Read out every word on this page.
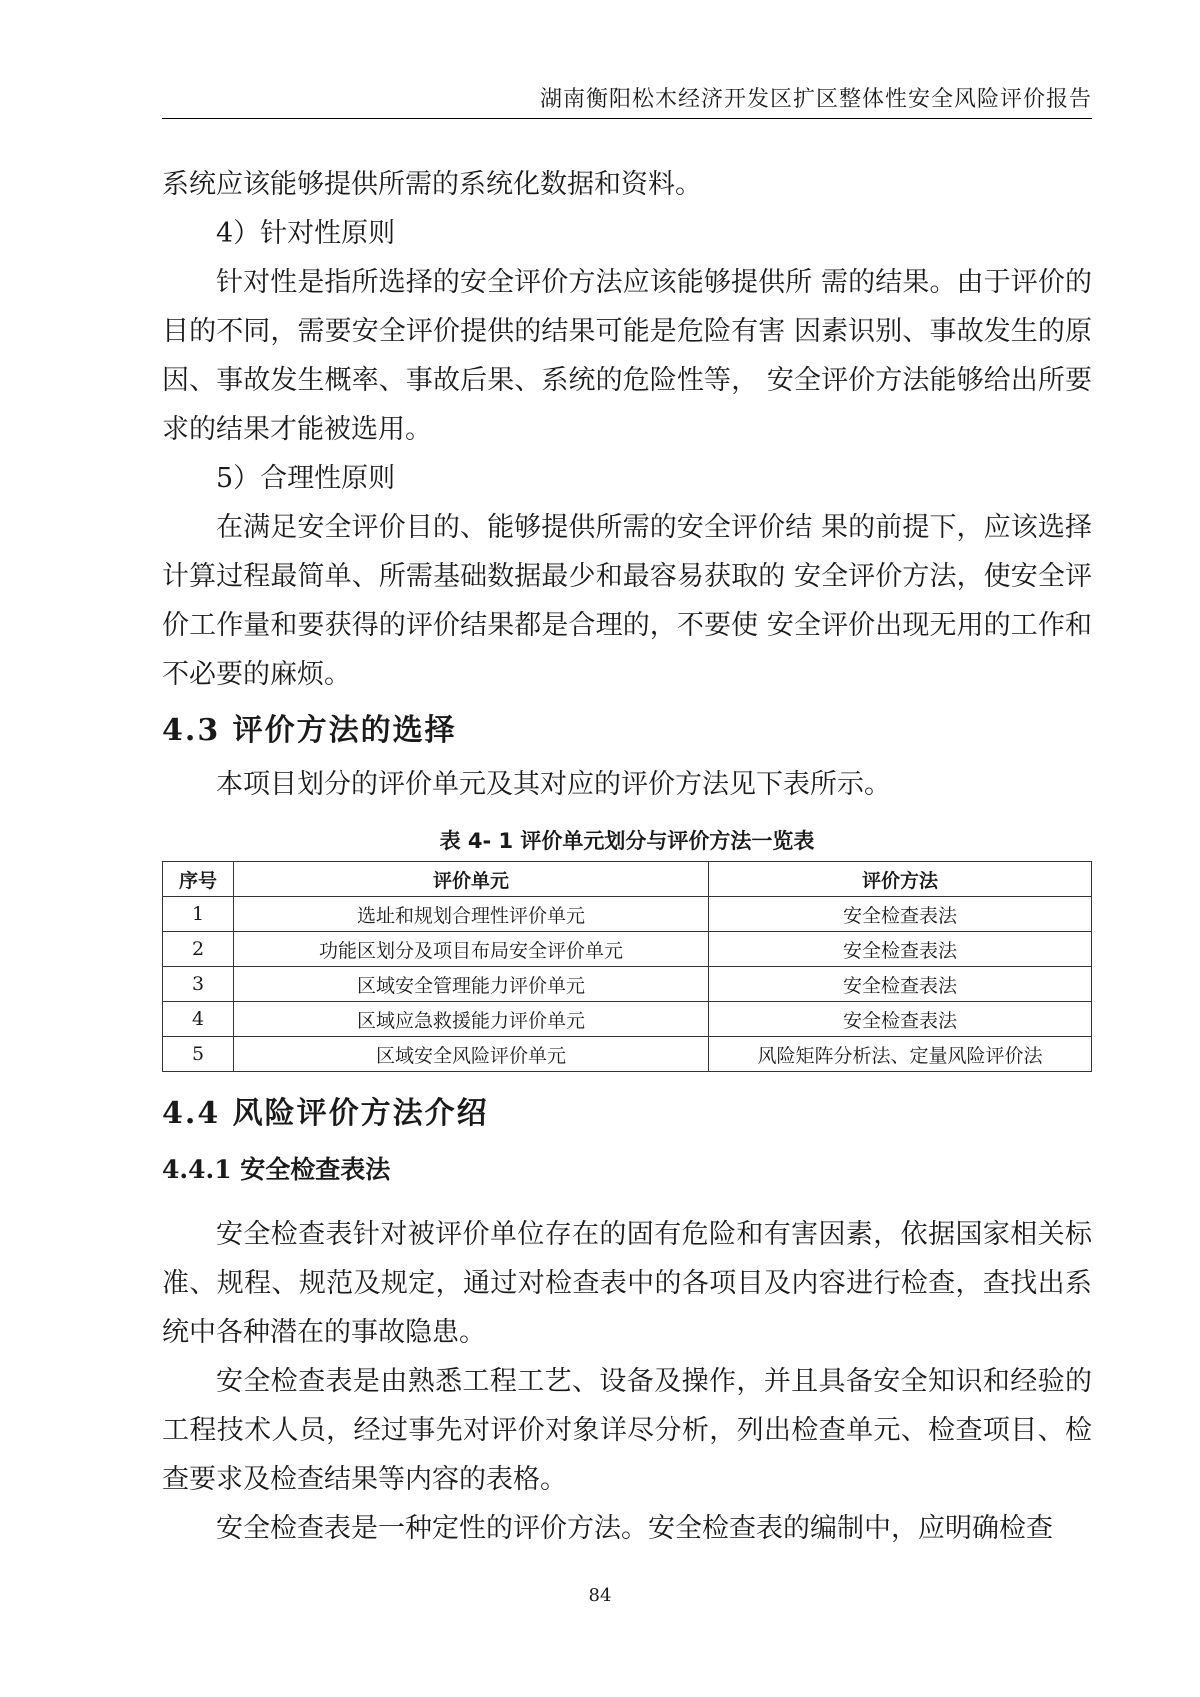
湖南衡阳松木经济开发区扩区整体性安全风险评价报告

系统应该能够提供所需的系统化数据和资料。

4）针对性原则

针对性是指所选择的安全评价方法应该能够提供所 需的结果。由于评价的目的不同，需要安全评价提供的结果可能是危险有害 因素识别、事故发生的原因、事故发生概率、事故后果、系统的危险性等， 安全评价方法能够给出所要求的结果才能被选用。

5）合理性原则

在满足安全评价目的、能够提供所需的安全评价结 果的前提下，应该选择计算过程最简单、所需基础数据最少和最容易获取的 安全评价方法，使安全评价工作量和要获得的评价结果都是合理的，不要使 安全评价出现无用的工作和不必要的麻烦。

4.3 评价方法的选择

本项目划分的评价单元及其对应的评价方法见下表所示。

表 4- 1 评价单元划分与评价方法一览表
序号	评价单元	评价方法
1	选址和规划合理性评价单元	安全检查表法
2	功能区划分及项目布局安全评价单元	安全检查表法
3	区域安全管理能力评价单元	安全检查表法
4	区域应急救援能力评价单元	安全检查表法
5	区域安全风险评价单元	风险矩阵分析法、定量风险评价法
4.4 风险评价方法介绍
4.4.1 安全检查表法

安全检查表针对被评价单位存在的固有危险和有害因素，依据国家相关标准、规程、规范及规定，通过对检查表中的各项目及内容进行检查，查找出系统中各种潜在的事故隐患。

安全检查表是由熟悉工程工艺、设备及操作，并且具备安全知识和经验的工程技术人员，经过事先对评价对象详尽分析，列出检查单元、检查项目、检查要求及检查结果等内容的表格。

安全检查表是一种定性的评价方法。安全检查表的编制中，应明确检查

84
